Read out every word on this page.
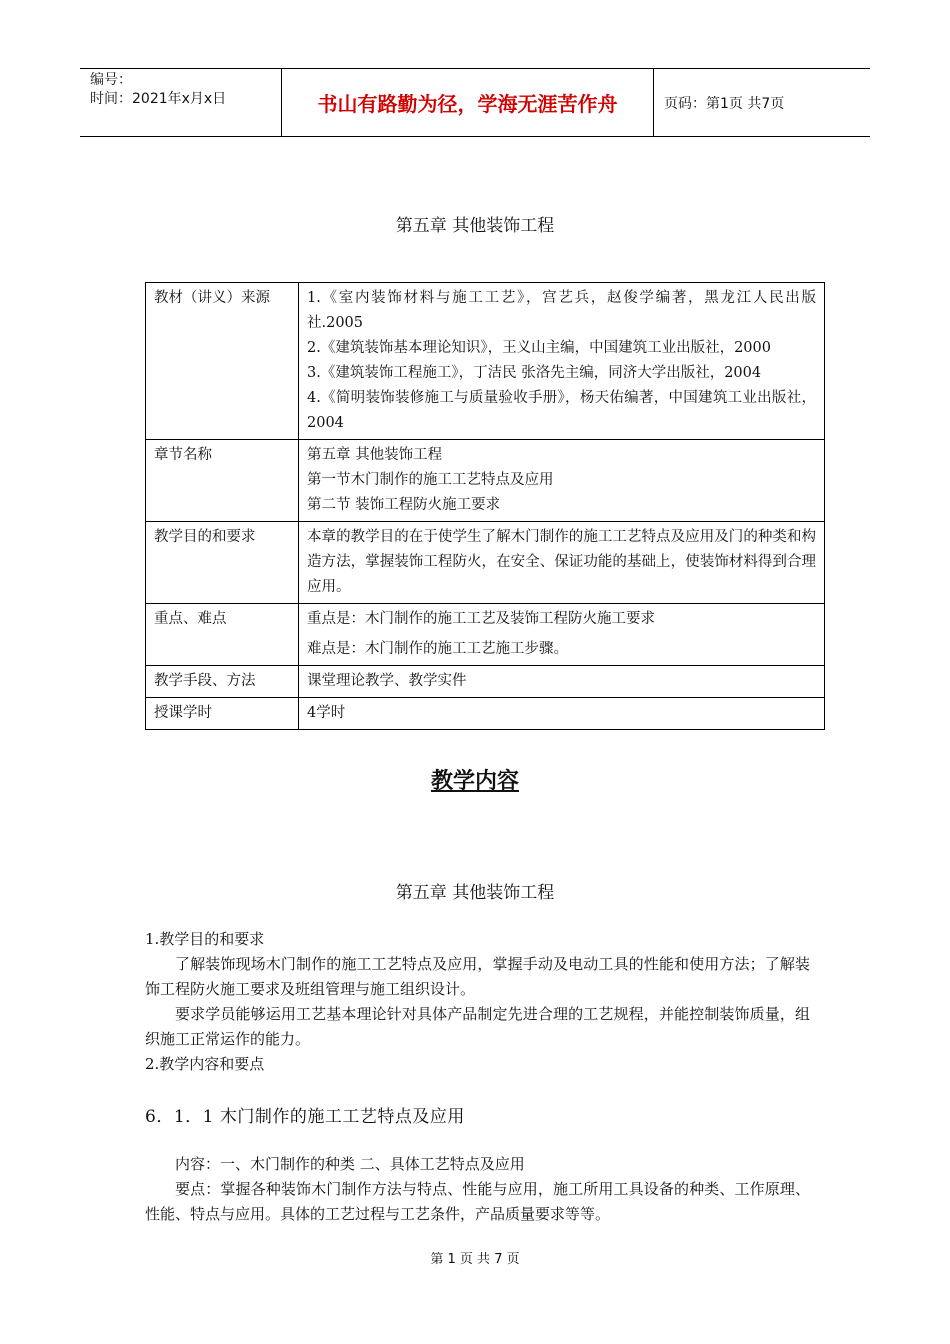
编号：
时间：2021年x月x日	书山有路勤为径，学海无涯苦作舟	页码：第1页 共7页
第五章 其他装饰工程
教材（讲义）来源	1.《室内装饰材料与施工工艺》，宫艺兵，赵俊学编著，黑龙江人民出版社.2005
2.《建筑装饰基本理论知识》，王义山主编，中国建筑工业出版社，2000
3.《建筑装饰工程施工》，丁洁民 张洛先主编，同济大学出版社，2004
4.《简明装饰装修施工与质量验收手册》，杨天佑编著，中国建筑工业出版社，2004

章节名称	第五章 其他装饰工程
第一节木门制作的施工工艺特点及应用
第二节 装饰工程防火施工要求

教学目的和要求	本章的教学目的在于使学生了解木门制作的施工工艺特点及应用及门的种类和构造方法，掌握装饰工程防火，在安全、保证功能的基础上，使装饰材料得到合理应用。
重点、难点	重点是：木门制作的施工工艺及装饰工程防火施工要求
难点是：木门制作的施工工艺施工步骤。

教学手段、方法	课堂理论教学、教学实件
授课学时	4学时
教学内容
第五章 其他装饰工程
1.教学目的和要求
了解装饰现场木门制作的施工工艺特点及应用，掌握手动及电动工具的性能和使用方法；了解装饰工程防火施工要求及班组管理与施工组织设计。
要求学员能够运用工艺基本理论针对具体产品制定先进合理的工艺规程，并能控制装饰质量，组织施工正常运作的能力。
2.教学内容和要点
6．1．1 木门制作的施工工艺特点及应用
内容：一、木门制作的种类 二、具体工艺特点及应用
要点：掌握各种装饰木门制作方法与特点、性能与应用，施工所用工具设备的种类、工作原理、性能、特点与应用。具体的工艺过程与工艺条件，产品质量要求等等。
第 1 页 共 7 页
